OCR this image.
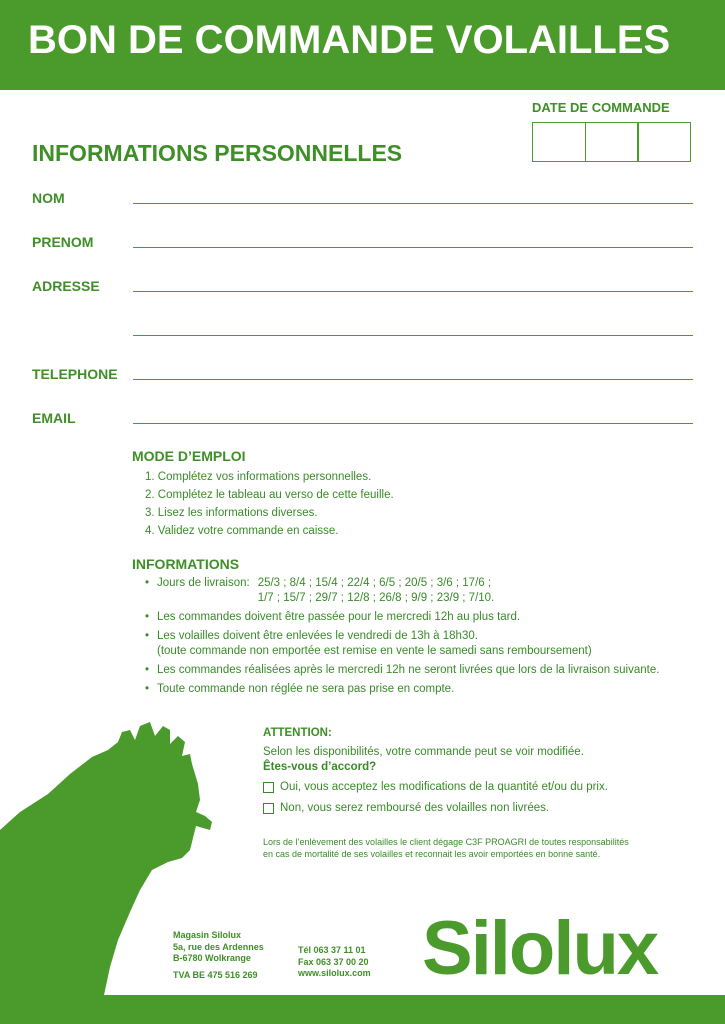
BON DE COMMANDE VOLAILLES
DATE DE COMMANDE
INFORMATIONS PERSONNELLES
NOM
PRENOM
ADRESSE
TELEPHONE
EMAIL
MODE D’EMPLOI
1. Complétez vos informations personnelles.
2. Complétez le tableau au verso de cette feuille.
3. Lisez les informations diverses.
4. Validez votre commande en caisse.
INFORMATIONS
• Jours de livraison: 25/3 ; 8/4 ; 15/4 ; 22/4 ; 6/5 ; 20/5 ; 3/6 ; 17/6 ;
1/7 ; 15/7 ; 29/7 ; 12/8 ; 26/8 ; 9/9 ; 23/9 ; 7/10.
• Les commandes doivent être passée pour le mercredi 12h au plus tard.
• Les volailles doivent être enlevées le vendredi de 13h à 18h30.
(toute commande non emportée est remise en vente le samedi sans remboursement)
• Les commandes réalisées après le mercredi 12h ne seront livrées que lors de la livraison suivante.
• Toute commande non réglée ne sera pas prise en compte.
ATTENTION:
Selon les disponibilités, votre commande peut se voir modifiée.
Êtes-vous d’accord?
Oui, vous acceptez les modifications de la quantité et/ou du prix.
Non, vous serez remboursé des volailles non livrées.
Lors de l’enlèvement des volailles le client dégage C3F PROAGRI de toutes responsabilités
en cas de mortalité de ses volailles et reconnait les avoir emportées en bonne santé.
Magasin Silolux
5a, rue des Ardennes
B-6780 Wolkrange
TVA BE 475 516 269
Tél 063 37 11 01
Fax 063 37 00 20
www.silolux.com Silolux
